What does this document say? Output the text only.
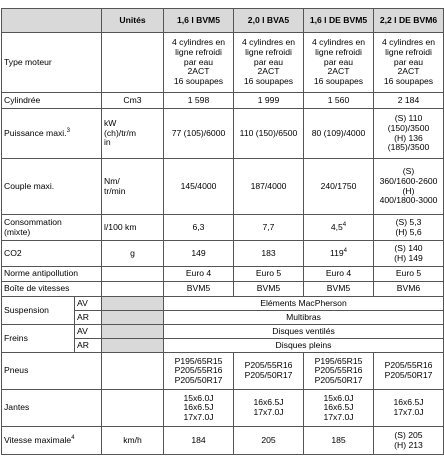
		Unités	1,6 l BVM5	2,0 l BVA5	1,6 l DE BVM5	2,2 l DE BVM6
Type moteur			4 cylindres en
ligne refroidi
par eau
2ACT
16 soupapes	4 cylindres en
ligne refroidi
par eau
2ACT
16 soupapes	4 cylindres en
ligne refroidi
par eau
2ACT
16 soupapes	4 cylindres en
ligne refroidi
par eau
2ACT
16 soupapes
Cylindrée		Cm3	1 598	1 999	1 560	2 184
Puissance maxi.$^3$		kW
(ch)/tr/m
in	77 (105)/6000	110 (150)/6500	80 (109)/4000	(S) 110
(150)/3500
(H) 136
(185)/3500
Couple maxi.		Nm/
tr/min	145/4000	187/4000	240/1750	(S)
360/1600-2600
(H)
400/1800-3000
Consommation
(mixte)		l/100 km	6,3	7,7	$4,5^4$	(S) 5,3
(H) 5,6
CO2		g	149	183	$119^4$	(S) 140
(H) 149
Norme antipollution			Euro 4	Euro 5	Euro 4	Euro 5
Boîte de vitesses			BVM5	BVM5	BVM5	BVM6
Suspension	AV		Eléments MacPherson			
	AR		Multibras			
Freins	AV		Disques ventilés			
	AR		Disques pleins			
Pneus			P195/65R15
P205/55R16
P205/50R17	P205/55R16
P205/50R17	P195/65R15
P205/55R16
P205/50R17	P205/55R16
P205/50R17
Jantes			15x6.0J
16x6.5J
17x7.0J	16x6.5J
17x7.0J	15x6.0J
16x6.5J
17x7.0J	16x6.5J
17x7.0J
Vitesse maximale$^4$		km/h	184	205	185	(S) 205
(H) 213
